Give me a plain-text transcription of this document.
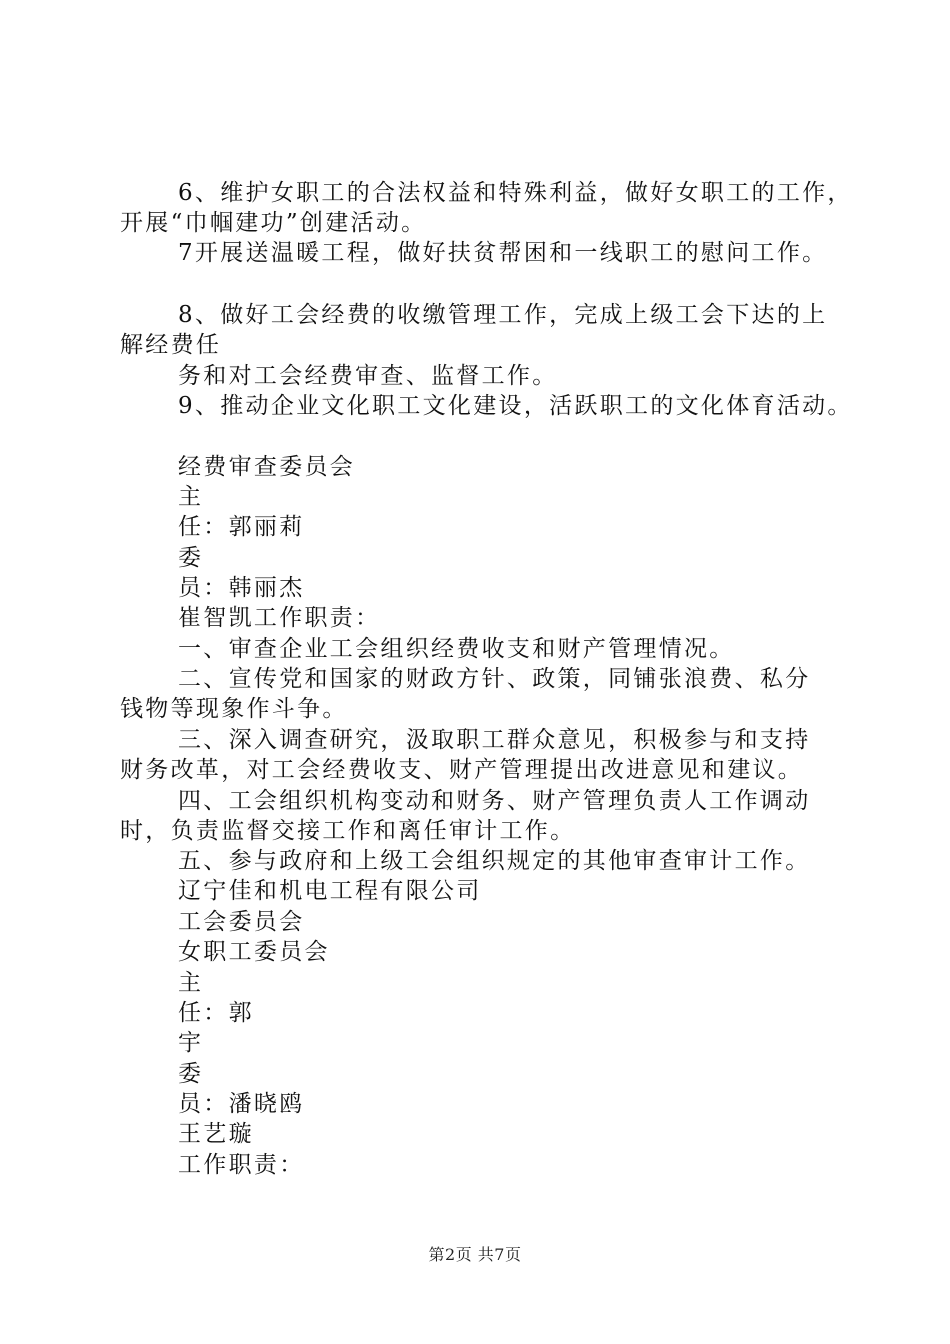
6、维护女职工的合法权益和特殊利益，做好女职工的工作，
开展“巾帼建功”创建活动。
7开展送温暖工程，做好扶贫帮困和一线职工的慰问工作。
8、做好工会经费的收缴管理工作，完成上级工会下达的上
解经费任
务和对工会经费审查、监督工作。
9、推动企业文化职工文化建设，活跃职工的文化体育活动。
经费审查委员会
主
任：郭丽莉
委
员：韩丽杰
崔智凯工作职责：
一、审查企业工会组织经费收支和财产管理情况。
二、宣传党和国家的财政方针、政策，同铺张浪费、私分
钱物等现象作斗争。
三、深入调查研究，汲取职工群众意见，积极参与和支持
财务改革，对工会经费收支、财产管理提出改进意见和建议。
四、工会组织机构变动和财务、财产管理负责人工作调动
时，负责监督交接工作和离任审计工作。
五、参与政府和上级工会组织规定的其他审查审计工作。
辽宁佳和机电工程有限公司
工会委员会
女职工委员会
主
任：郭
宇
委
员：潘晓鸥
王艺璇
工作职责：
第2页 共7页
